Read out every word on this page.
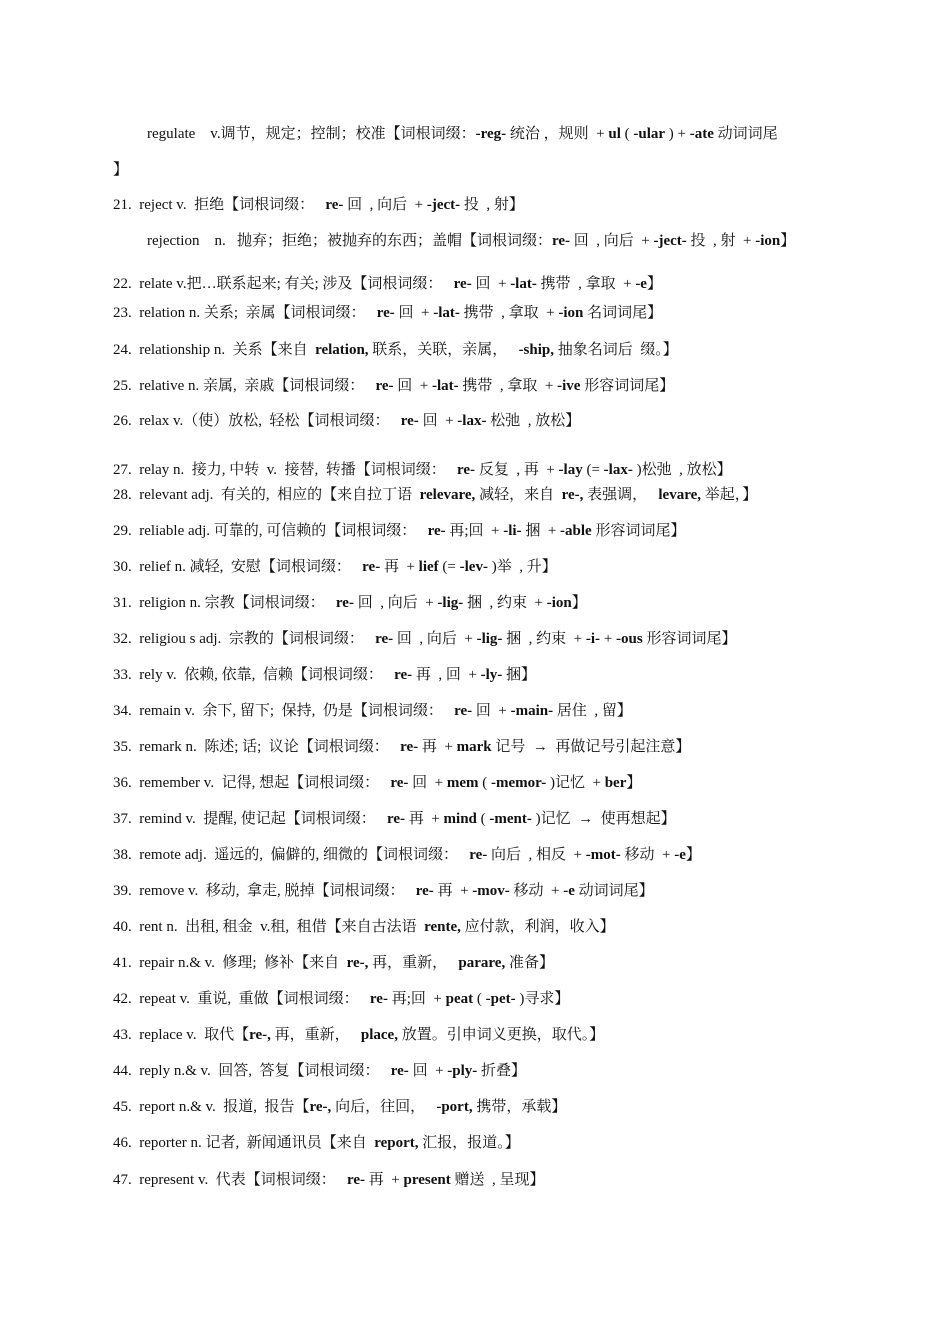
regulate    v.调节，规定；控制；校准【词根词缀：-reg- 统治 ，规则  + ul ( -ular ) + -ate 动词词尾
】
21.  reject v.  拒绝【词根词缀：   re- 回  , 向后  + -ject- 投  , 射】
rejection    n.   抛弃；拒绝；被抛弃的东西；盖帽【词根词缀：re- 回  , 向后  + -ject- 投  , 射  + -ion】
22.  relate v.把…联系起来; 有关; 涉及【词根词缀：   re- 回  + -lat- 携带  , 拿取  + -e】
23.  relation n. 关系;  亲属【词根词缀：   re- 回  + -lat- 携带  , 拿取  + -ion 名词词尾】
24.  relationship n.  关系【来自  relation, 联系，关联，亲属，   -ship, 抽象名词后  缀。】
25.  relative n. 亲属,  亲戚【词根词缀：   re- 回  + -lat- 携带  , 拿取  + -ive 形容词词尾】
26.  relax v.（使）放松,  轻松【词根词缀：   re- 回  + -lax- 松弛  , 放松】
27.  relay n.  接力, 中转  v.  接替,  转播【词根词缀：   re- 反复  , 再  + -lay (= -lax- )松弛  , 放松】
28.  relevant adj.  有关的,  相应的【来自拉丁语  relevare, 减轻，来自  re-, 表强调，   levare, 举起，】
29.  reliable adj. 可靠的, 可信赖的【词根词缀：   re- 再;回  + -li- 捆  + -able 形容词词尾】
30.  relief n. 减轻,  安慰【词根词缀：   re- 再  + lief (= -lev- )举  , 升】
31.  religion n. 宗教【词根词缀：   re- 回  , 向后  + -lig- 捆  , 约束  + -ion】
32.  religiou s adj.  宗教的【词根词缀：   re- 回  , 向后  + -lig- 捆  , 约束  + -i- + -ous 形容词词尾】
33.  rely v.  依赖, 依靠,  信赖【词根词缀：   re- 再  , 回  + -ly- 捆】
34.  remain v.  余下, 留下;  保持,  仍是【词根词缀：   re- 回  + -main- 居住  , 留】
35.  remark n.  陈述; 话;  议论【词根词缀：   re- 再  + mark 记号  →  再做记号引起注意】
36.  remember v.  记得, 想起【词根词缀：   re- 回  + mem ( -memor- )记忆  + ber】
37.  remind v.  提醒, 使记起【词根词缀：   re- 再  + mind ( -ment- )记忆  →  使再想起】
38.  remote adj.  遥远的,  偏僻的, 细微的【词根词缀：   re- 向后  , 相反  + -mot- 移动  + -e】
39.  remove v.  移动,  拿走, 脱掉【词根词缀：   re- 再  + -mov- 移动  + -e 动词词尾】
40.  rent n.  出租, 租金  v.租,  租借【来自古法语  rente, 应付款，利润，收入】
41.  repair n.& v.  修理;  修补【来自  re-, 再，重新，   parare, 准备】
42.  repeat v.  重说,  重做【词根词缀：   re- 再;回  + peat ( -pet- )寻求】
43.  replace v.  取代【re-, 再，重新，   place, 放置。引申词义更换，取代。】
44.  reply n.& v.  回答,  答复【词根词缀：   re- 回  + -ply- 折叠】
45.  report n.& v.  报道,  报告【re-, 向后，往回，   -port, 携带，承载】
46.  reporter n. 记者,  新闻通讯员【来自  report, 汇报，报道。】
47.  represent v.  代表【词根词缀：   re- 再  + present 赠送  , 呈现】
